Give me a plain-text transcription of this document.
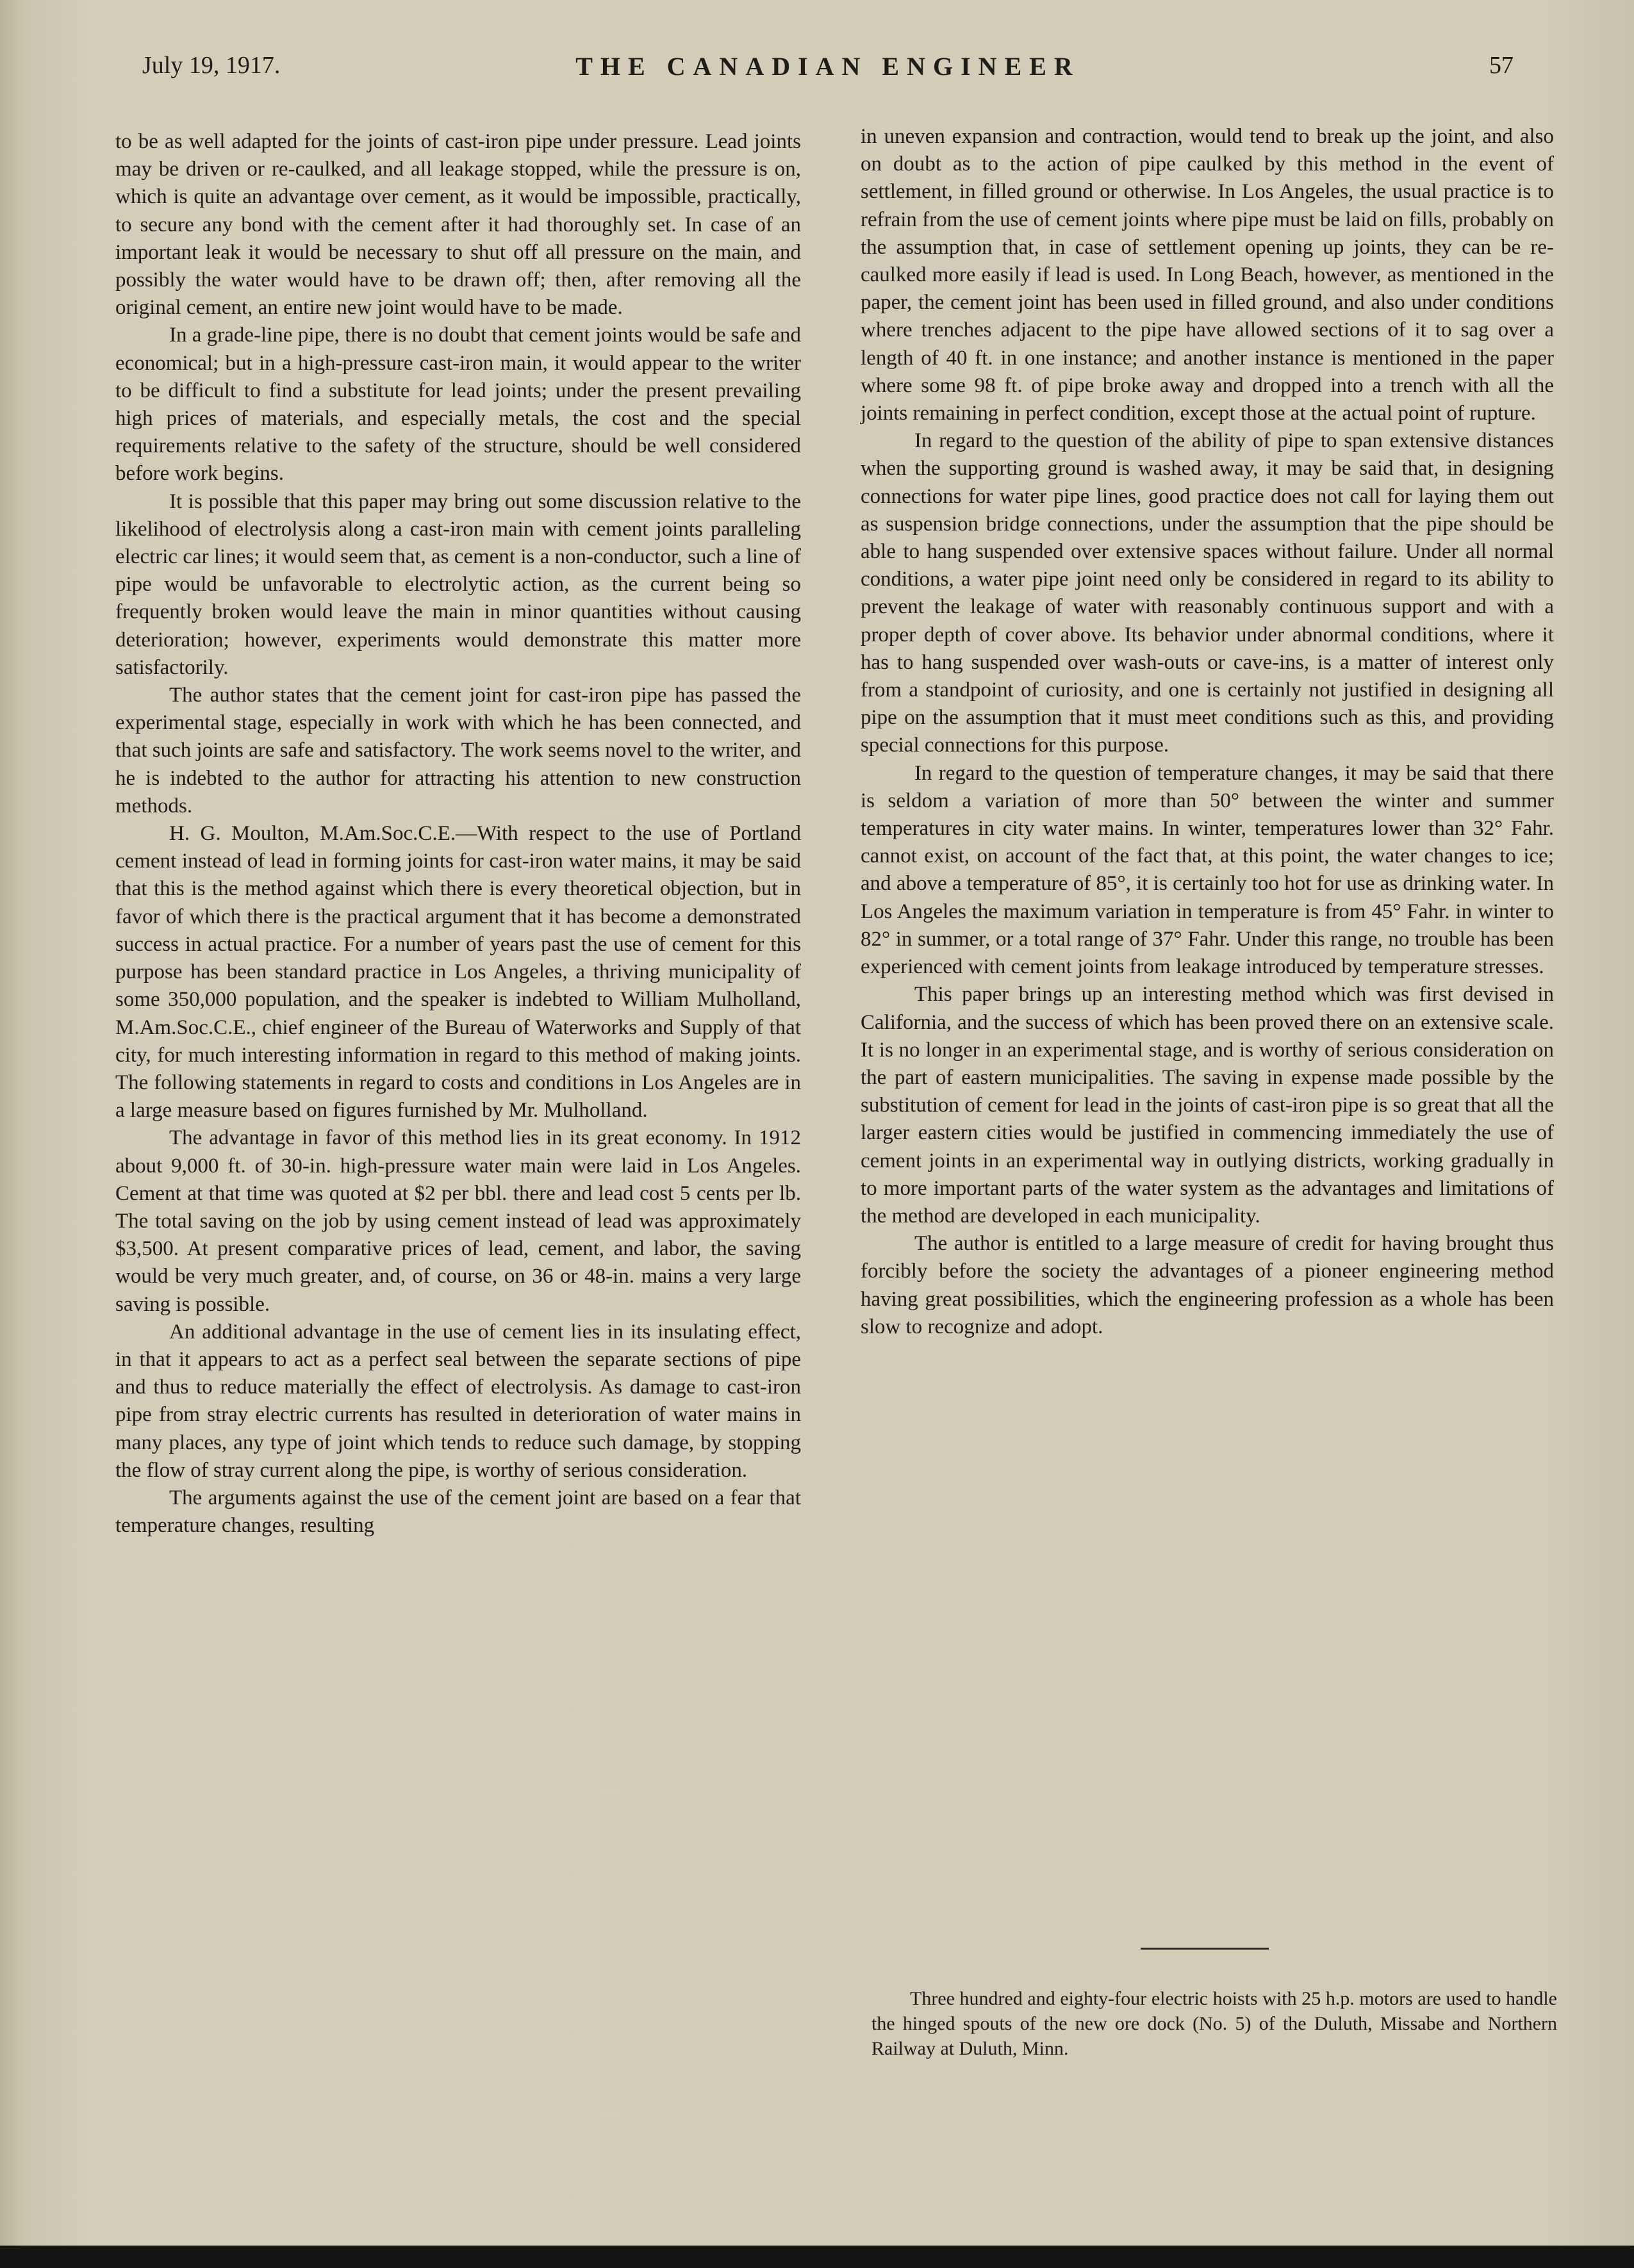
July 19, 1917.	THE CANADIAN ENGINEER	57

to be as well adapted for the joints of cast-iron pipe under pressure. Lead joints may be driven or re-caulked, and all leakage stopped, while the pressure is on, which is quite an advantage over cement, as it would be impossible, practically, to secure any bond with the cement after it had thoroughly set. In case of an important leak it would be necessary to shut off all pressure on the main, and possibly the water would have to be drawn off; then, after removing all the original cement, an entire new joint would have to be made.

In a grade-line pipe, there is no doubt that cement joints would be safe and economical; but in a high-pressure cast-iron main, it would appear to the writer to be difficult to find a substitute for lead joints; under the present prevailing high prices of materials, and especially metals, the cost and the special requirements relative to the safety of the structure, should be well considered before work begins.

It is possible that this paper may bring out some discussion relative to the likelihood of electrolysis along a cast-iron main with cement joints paralleling electric car lines; it would seem that, as cement is a non-conductor, such a line of pipe would be unfavorable to electrolytic action, as the current being so frequently broken would leave the main in minor quantities without causing deterioration; however, experiments would demonstrate this matter more satisfactorily.

The author states that the cement joint for cast-iron pipe has passed the experimental stage, especially in work with which he has been connected, and that such joints are safe and satisfactory. The work seems novel to the writer, and he is indebted to the author for attracting his attention to new construction methods.

H. G. Moulton, M.Am.Soc.C.E.—With respect to the use of Portland cement instead of lead in forming joints for cast-iron water mains, it may be said that this is the method against which there is every theoretical objection, but in favor of which there is the practical argument that it has become a demonstrated success in actual practice. For a number of years past the use of cement for this purpose has been standard practice in Los Angeles, a thriving municipality of some 350,000 population, and the speaker is indebted to William Mulholland, M.Am.Soc.C.E., chief engineer of the Bureau of Waterworks and Supply of that city, for much interesting information in regard to this method of making joints. The following statements in regard to costs and conditions in Los Angeles are in a large measure based on figures furnished by Mr. Mulholland.

The advantage in favor of this method lies in its great economy. In 1912 about 9,000 ft. of 30-in. high-pressure water main were laid in Los Angeles. Cement at that time was quoted at $2 per bbl. there and lead cost 5 cents per lb. The total saving on the job by using cement instead of lead was approximately $3,500. At present comparative prices of lead, cement, and labor, the saving would be very much greater, and, of course, on 36 or 48-in. mains a very large saving is possible.

An additional advantage in the use of cement lies in its insulating effect, in that it appears to act as a perfect seal between the separate sections of pipe and thus to reduce materially the effect of electrolysis. As damage to cast-iron pipe from stray electric currents has resulted in deterioration of water mains in many places, any type of joint which tends to reduce such damage, by stopping the flow of stray current along the pipe, is worthy of serious consideration.

The arguments against the use of the cement joint are based on a fear that temperature changes, resulting

in uneven expansion and contraction, would tend to break up the joint, and also on doubt as to the action of pipe caulked by this method in the event of settlement, in filled ground or otherwise. In Los Angeles, the usual practice is to refrain from the use of cement joints where pipe must be laid on fills, probably on the assumption that, in case of settlement opening up joints, they can be re-caulked more easily if lead is used. In Long Beach, however, as mentioned in the paper, the cement joint has been used in filled ground, and also under conditions where trenches adjacent to the pipe have allowed sections of it to sag over a length of 40 ft. in one instance; and another instance is mentioned in the paper where some 98 ft. of pipe broke away and dropped into a trench with all the joints remaining in perfect condition, except those at the actual point of rupture.

In regard to the question of the ability of pipe to span extensive distances when the supporting ground is washed away, it may be said that, in designing connections for water pipe lines, good practice does not call for laying them out as suspension bridge connections, under the assumption that the pipe should be able to hang suspended over extensive spaces without failure. Under all normal conditions, a water pipe joint need only be considered in regard to its ability to prevent the leakage of water with reasonably continuous support and with a proper depth of cover above. Its behavior under abnormal conditions, where it has to hang suspended over wash-outs or cave-ins, is a matter of interest only from a standpoint of curiosity, and one is certainly not justified in designing all pipe on the assumption that it must meet conditions such as this, and providing special connections for this purpose.

In regard to the question of temperature changes, it may be said that there is seldom a variation of more than 50° between the winter and summer temperatures in city water mains. In winter, temperatures lower than 32° Fahr. cannot exist, on account of the fact that, at this point, the water changes to ice; and above a temperature of 85°, it is certainly too hot for use as drinking water. In Los Angeles the maximum variation in temperature is from 45° Fahr. in winter to 82° in summer, or a total range of 37° Fahr. Under this range, no trouble has been experienced with cement joints from leakage introduced by temperature stresses.

This paper brings up an interesting method which was first devised in California, and the success of which has been proved there on an extensive scale. It is no longer in an experimental stage, and is worthy of serious consideration on the part of eastern municipalities. The saving in expense made possible by the substitution of cement for lead in the joints of cast-iron pipe is so great that all the larger eastern cities would be justified in commencing immediately the use of cement joints in an experimental way in outlying districts, working gradually in to more important parts of the water system as the advantages and limitations of the method are developed in each municipality.

The author is entitled to a large measure of credit for having brought thus forcibly before the society the advantages of a pioneer engineering method having great possibilities, which the engineering profession as a whole has been slow to recognize and adopt.

Three hundred and eighty-four electric hoists with 25 h.p. motors are used to handle the hinged spouts of the new ore dock (No. 5) of the Duluth, Missabe and Northern Railway at Duluth, Minn.
